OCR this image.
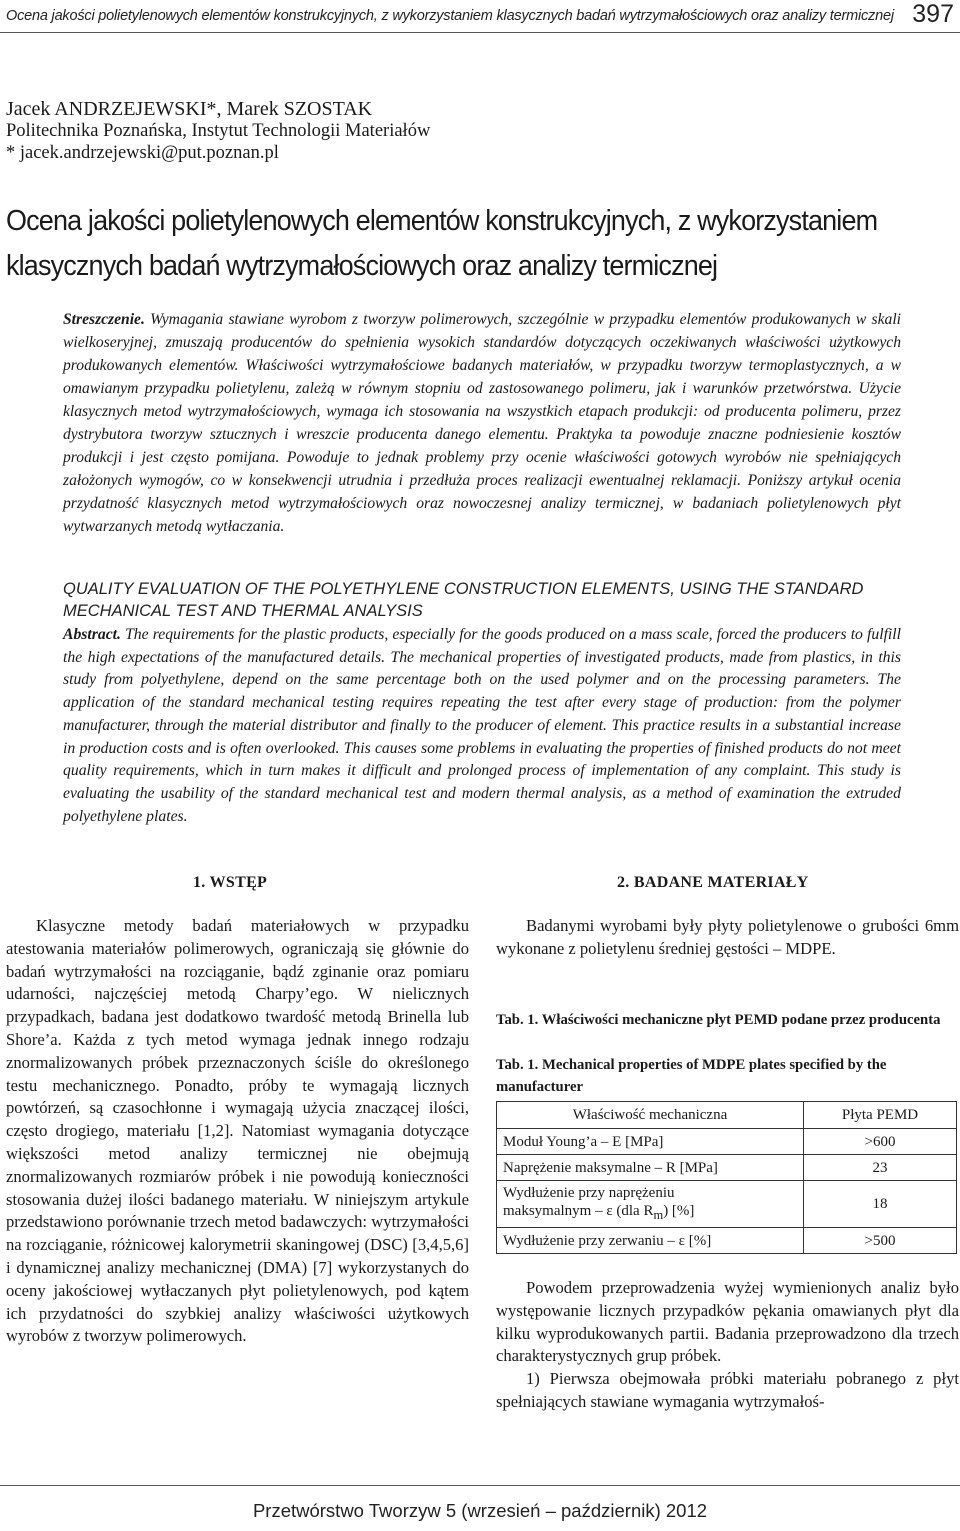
Ocena jakości polietylenowych elementów konstrukcyjnych, z wykorzystaniem klasycznych badań wytrzymałościowych oraz analizy termicznej 397
Jacek ANDRZEJEWSKI*, Marek SZOSTAK
Politechnika Poznańska, Instytut Technologii Materiałów
* jacek.andrzejewski@put.poznan.pl
Ocena jakości polietylenowych elementów konstrukcyjnych, z wykorzystaniem
klasycznych badań wytrzymałościowych oraz analizy termicznej
Streszczenie. Wymagania stawiane wyrobom z tworzyw polimerowych, szczególnie w przypadku elementów produkowanych w skali wielkoseryjnej, zmuszają producentów do spełnienia wysokich standardów dotyczących oczekiwanych właściwości użytkowych produkowanych elementów. Właściwości wytrzymałościowe badanych materiałów, w przypadku tworzyw termoplastycznych, a w omawianym przypadku polietylenu, zależą w równym stopniu od zastosowanego polimeru, jak i warunków przetwórstwa. Użycie klasycznych metod wytrzymałościowych, wymaga ich stosowania na wszystkich etapach produkcji: od producenta polimeru, przez dystrybutora tworzyw sztucznych i wreszcie producenta danego elementu. Praktyka ta powoduje znaczne podniesienie kosztów produkcji i jest często pomijana. Powoduje to jednak problemy przy ocenie właściwości gotowych wyrobów nie spełniających założonych wymogów, co w konsekwencji utrudnia i przedłuża proces realizacji ewentualnej reklamacji. Poniższy artykuł ocenia przydatność klasycznych metod wytrzymałościowych oraz nowoczesnej analizy termicznej, w badaniach polietylenowych płyt wytwarzanych metodą wytłaczania.
QUALITY EVALUATION OF THE POLYETHYLENE CONSTRUCTION ELEMENTS, USING THE STANDARD MECHANICAL TEST AND THERMAL ANALYSIS
Abstract. The requirements for the plastic products, especially for the goods produced on a mass scale, forced the producers to fulfill the high expectations of the manufactured details. The mechanical properties of investigated products, made from plastics, in this study from polyethylene, depend on the same percentage both on the used polymer and on the processing parameters. The application of the standard mechanical testing requires repeating the test after every stage of production: from the polymer manufacturer, through the material distributor and finally to the producer of element. This practice results in a substantial increase in production costs and is often overlooked. This causes some problems in evaluating the properties of finished products do not meet quality requirements, which in turn makes it difficult and prolonged process of implementation of any complaint. This study is evaluating the usability of the standard mechanical test and modern thermal analysis, as a method of examination the extruded polyethylene plates.
1. WSTĘP	2. BADANE MATERIAŁY

Klasyczne metody badań materiałowych w przypadku atestowania materiałów polimerowych, ograniczają się głównie do badań wytrzymałości na rozciąganie, bądź zginanie oraz pomiaru udarności, najczęściej metodą Charpy’ego. W nielicznych przypadkach, badana jest dodatkowo twardość metodą Brinella lub Shore’a. Każda z tych metod wymaga jednak innego rodzaju znormalizowanych próbek przeznaczonych ściśle do określonego testu mechanicznego. Ponadto, próby te wymagają licznych powtórzeń, są czasochłonne i wymagają użycia znaczącej ilości, często drogiego, materiału [1,2]. Natomiast wymagania dotyczące większości metod analizy termicznej nie obejmują znormalizowanych rozmiarów próbek i nie powodują konieczności stosowania dużej ilości badanego materiału. W niniejszym artykule przedstawiono porównanie trzech metod badawczych: wytrzymałości na rozciąganie, różnicowej kalorymetrii skaningowej (DSC) [3,4,5,6] i dynamicznej analizy mechanicznej (DMA) [7] wykorzystanych do oceny jakościowej wytłaczanych płyt polietylenowych, pod kątem ich przydatności do szybkiej analizy właściwości użytkowych wyrobów z tworzyw polimerowych.

Badanymi wyrobami były płyty polietylenowe o grubości 6mm wykonane z polietylenu średniej gęstości – MDPE.

Tab. 1. Właściwości mechaniczne płyt PEMD podane przez producenta
Tab. 1. Mechanical properties of MDPE plates specified by the manufacturer
Właściwość mechaniczna	Płyta PEMD
Moduł Young’a – E [MPa]	>600
Naprężenie maksymalne – R [MPa]	23
Wydłużenie przy naprężeniu
maksymalnym – ε (dla $R_m$) [%]	18
Wydłużenie przy zerwaniu – ε [%]	>500

Powodem przeprowadzenia wyżej wymienionych analiz było występowanie licznych przypadków pękania omawianych płyt dla kilku wyprodukowanych partii. Badania przeprowadzono dla trzech charakterystycznych grup próbek.

1) Pierwsza obejmowała próbki materiału pobranego z płyt spełniających stawiane wymagania wytrzymałoś-

Przetwórstwo Tworzyw 5 (wrzesień – październik) 2012
